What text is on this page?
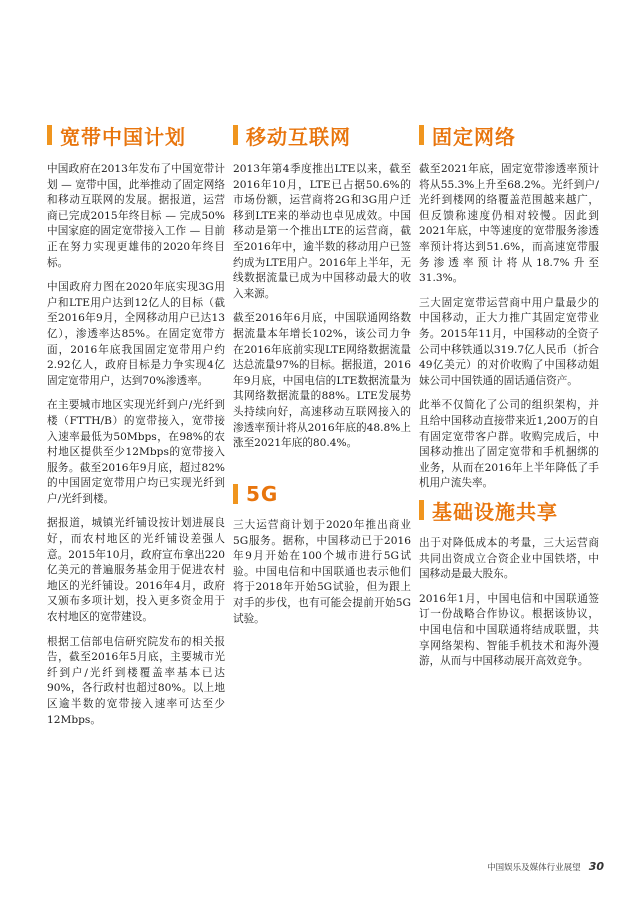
宽带中国计划

中国政府在2013年发布了中国宽带计划 — 宽带中国，此举推动了固定网络和移动互联网的发展。据报道，运营商已完成2015年终目标 — 完成50%中国家庭的固定宽带接入工作 — 目前正在努力实现更雄伟的2020年终目标。

中国政府力图在2020年底实现3G用户和LTE用户达到12亿人的目标（截至2016年9月，全网移动用户已达13亿），渗透率达85%。在固定宽带方面，2016年底我国固定宽带用户约2.92亿人，政府目标是力争实现4亿固定宽带用户，达到70%渗透率。

在主要城市地区实现光纤到户/光纤到楼（FTTH/B）的宽带接入，宽带接入速率最低为50Mbps，在98%的农村地区提供至少12Mbps的宽带接入服务。截至2016年9月底，超过82%的中国固定宽带用户均已实现光纤到户/光纤到楼。

据报道，城镇光纤铺设按计划进展良好，而农村地区的光纤铺设差强人意。2015年10月，政府宣布拿出220亿美元的普遍服务基金用于促进农村地区的光纤铺设。2016年4月，政府又颁布多项计划，投入更多资金用于农村地区的宽带建设。

根据工信部电信研究院发布的相关报告，截至2016年5月底，主要城市光纤到户/光纤到楼覆盖率基本已达90%，各行政村也超过80%。以上地区逾半数的宽带接入速率可达至少12Mbps。

移动互联网

2013年第4季度推出LTE以来，截至2016年10月，LTE已占据50.6%的市场份额，运营商将2G和3G用户迁移到LTE来的举动也卓见成效。中国移动是第一个推出LTE的运营商，截至2016年中，逾半数的移动用户已签约成为LTE用户。2016年上半年，无线数据流量已成为中国移动最大的收入来源。

截至2016年6月底，中国联通网络数据流量本年增长102%，该公司力争在2016年底前实现LTE网络数据流量达总流量97%的目标。据报道，2016年9月底，中国电信的LTE数据流量为其网络数据流量的88%。LTE发展势头持续向好，高速移动互联网接入的渗透率预计将从2016年底的48.8%上涨至2021年底的80.4%。

5G

三大运营商计划于2020年推出商业5G服务。据称，中国移动已于2016年9月开始在100个城市进行5G试验。中国电信和中国联通也表示他们将于2018年开始5G试验，但为跟上对手的步伐，也有可能会提前开始5G试验。

固定网络

截至2021年底，固定宽带渗透率预计将从55.3%上升至68.2%。光纤到户/光纤到楼网的络覆盖范围越来越广，但反馈称速度仍相对较慢。因此到2021年底，中等速度的宽带服务渗透率预计将达到51.6%，而高速宽带服务渗透率预计将从18.7%升至31.3%。

三大固定宽带运营商中用户量最少的中国移动，正大力推广其固定宽带业务。2015年11月，中国移动的全资子公司中移铁通以319.7亿人民币（折合49亿美元）的对价收购了中国移动姐妹公司中国铁通的固话通信资产。

此举不仅简化了公司的组织架构，并且给中国移动直接带来近1,200万的自有固定宽带客户群。收购完成后，中国移动推出了固定宽带和手机捆绑的业务，从而在2016年上半年降低了手机用户流失率。

基础设施共享

出于对降低成本的考量，三大运营商共同出资成立合资企业中国铁塔，中国移动是最大股东。

2016年1月，中国电信和中国联通签订一份战略合作协议。根据该协议，中国电信和中国联通将结成联盟，共享网络架构、智能手机技术和海外漫游，从而与中国移动展开高效竞争。

中国娱乐及媒体行业展望 30
